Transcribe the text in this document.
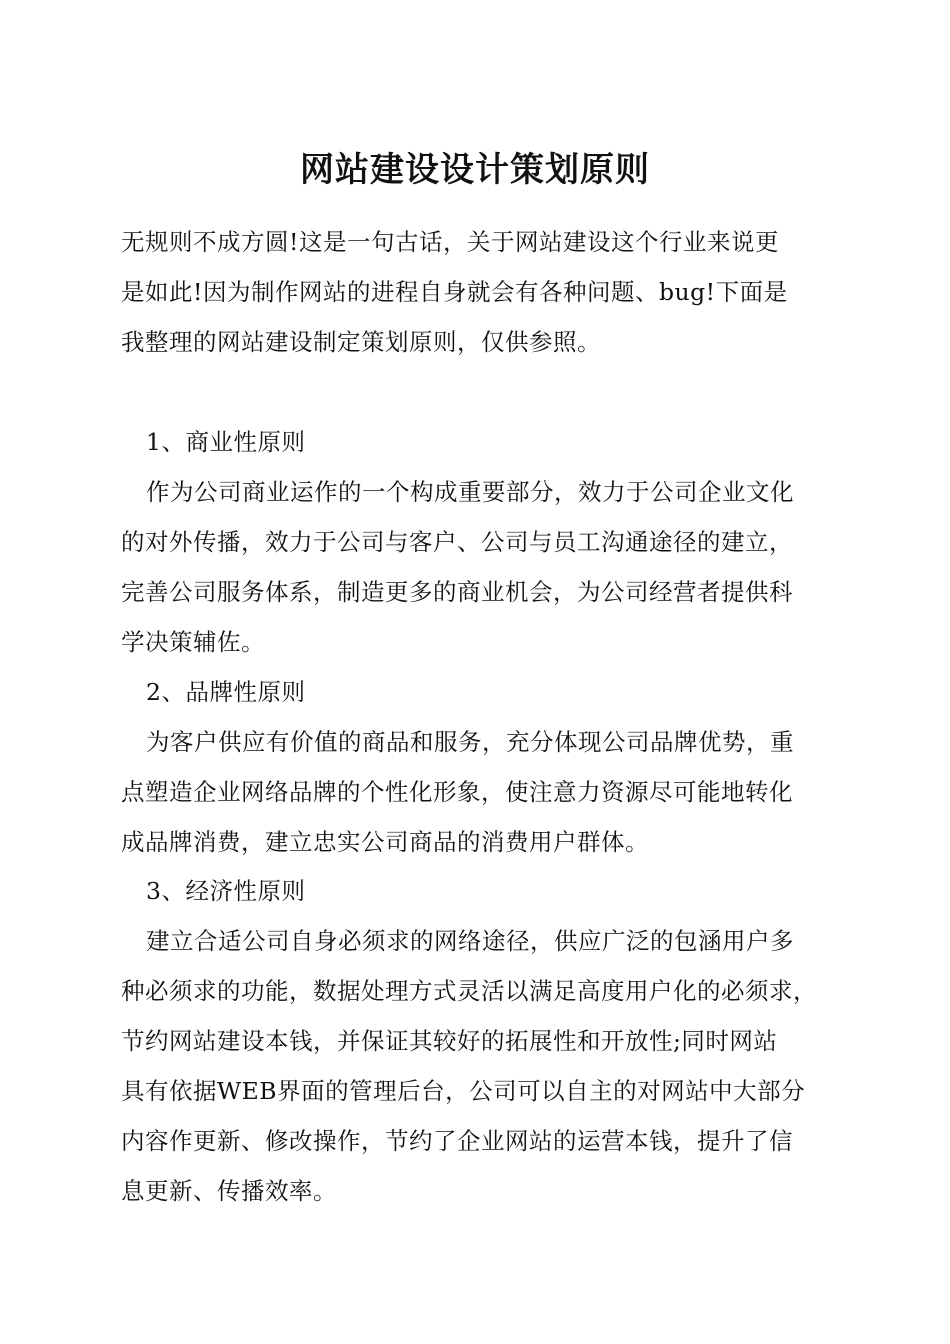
网站建设设计策划原则
无规则不成方圆!这是一句古话，关于网站建设这个行业来说更
是如此!因为制作网站的进程自身就会有各种问题、bug!下面是
我整理的网站建设制定策划原则，仅供参照。
1、商业性原则
作为公司商业运作的一个构成重要部分，效力于公司企业文化
的对外传播，效力于公司与客户、公司与员工沟通途径的建立，
完善公司服务体系，制造更多的商业机会，为公司经营者提供科
学决策辅佐。
2、品牌性原则
为客户供应有价值的商品和服务，充分体现公司品牌优势，重
点塑造企业网络品牌的个性化形象，使注意力资源尽可能地转化
成品牌消费，建立忠实公司商品的消费用户群体。
3、经济性原则
建立合适公司自身必须求的网络途径，供应广泛的包涵用户多
种必须求的功能，数据处理方式灵活以满足高度用户化的必须求，
节约网站建设本钱，并保证其较好的拓展性和开放性;同时网站
具有依据WEB界面的管理后台，公司可以自主的对网站中大部分
内容作更新、修改操作，节约了企业网站的运营本钱，提升了信
息更新、传播效率。
